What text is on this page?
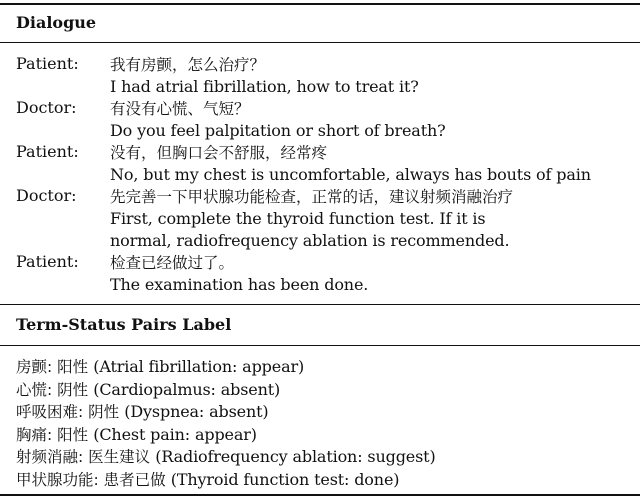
Dialogue
Patient: 我有房颤，怎么治疗？
I had atrial fibrillation, how to treat it?
Doctor: 有没有心慌、气短？
Do you feel palpitation or short of breath?
Patient: 没有，但胸口会不舒服，经常疼
No, but my chest is uncomfortable, always has bouts of pain
Doctor: 先完善一下甲状腺功能检查，正常的话，建议射频消融治疗
First, complete the thyroid function test. If it is
normal, radiofrequency ablation is recommended.
Patient: 检查已经做过了。
The examination has been done.
Term-Status Pairs Label
房颤: 阳性 (Atrial fibrillation: appear)
心慌: 阴性 (Cardiopalmus: absent)
呼吸困难: 阴性 (Dyspnea: absent)
胸痛: 阳性 (Chest pain: appear)
射频消融: 医生建议 (Radiofrequency ablation: suggest)
甲状腺功能: 患者已做 (Thyroid function test: done)
